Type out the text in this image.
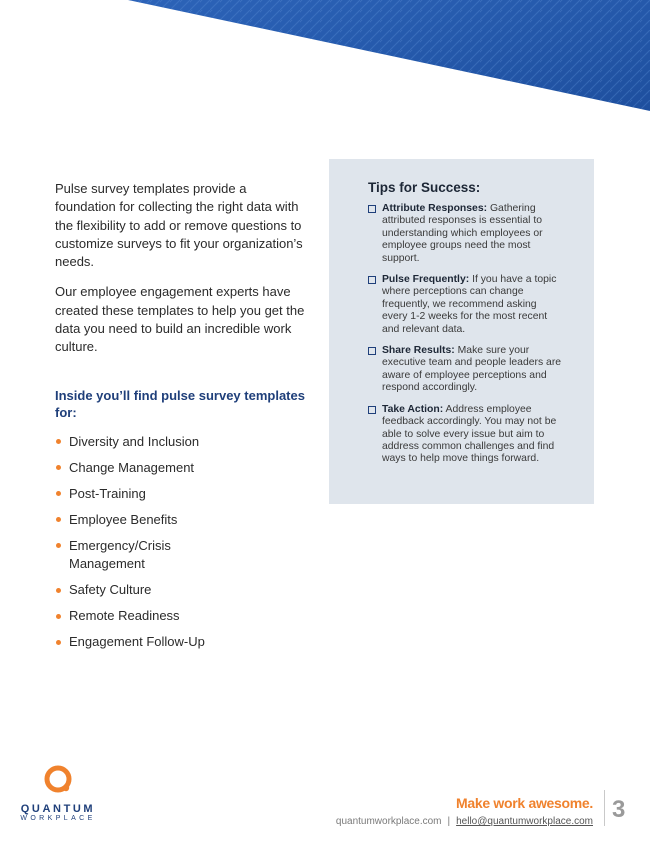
Pulse survey templates provide a foundation for collecting the right data with the flexibility to add or remove questions to customize surveys to fit your organization’s needs.

Our employee engagement experts have created these templates to help you get the data you need to build an incredible work culture.

Inside you’ll find pulse survey templates for:
Diversity and Inclusion
Change Management
Post-Training
Employee Benefits
Emergency/Crisis Management
Safety Culture
Remote Readiness
Engagement Follow-Up
Tips for Success:
Attribute Responses: Gathering attributed responses is essential to understanding which employees or employee groups need the most support.
Pulse Frequently: If you have a topic where perceptions can change frequently, we recommend asking every 1-2 weeks for the most recent and relevant data.
Share Results: Make sure your executive team and people leaders are aware of employee perceptions and respond accordingly.
Take Action: Address employee feedback accordingly. You may not be able to solve every issue but aim to address common challenges and find ways to help move things forward.
QUANTUM
WORKPLACE
Make work awesome.
quantumworkplace.com | hello@quantumworkplace.com 3
